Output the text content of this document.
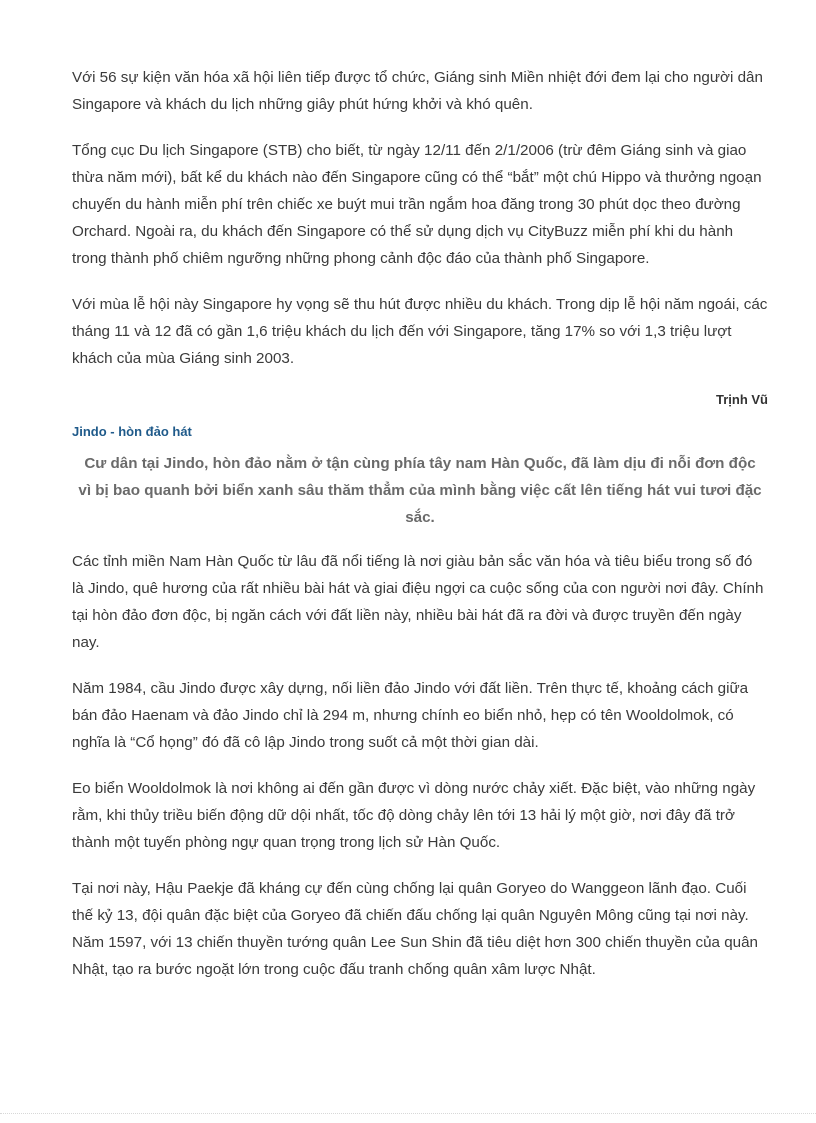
Với 56 sự kiện văn hóa xã hội liên tiếp được tổ chức, Giáng sinh Miền nhiệt đới đem lại cho người dân Singapore và khách du lịch những giây phút hứng khởi và khó quên.

Tổng cục Du lịch Singapore (STB) cho biết, từ ngày 12/11 đến 2/1/2006 (trừ đêm Giáng sinh và giao thừa năm mới), bất kể du khách nào đến Singapore cũng có thể “bắt” một chú Hippo và thưởng ngoạn chuyến du hành miễn phí trên chiếc xe buýt mui trần ngắm hoa đăng trong 30 phút dọc theo đường Orchard. Ngoài ra, du khách đến Singapore có thể sử dụng dịch vụ CityBuzz miễn phí khi du hành trong thành phố chiêm ngưỡng những phong cảnh độc đáo của thành phố Singapore.

Với mùa lễ hội này Singapore hy vọng sẽ thu hút được nhiều du khách. Trong dịp lễ hội năm ngoái, các tháng 11 và 12 đã có gần 1,6 triệu khách du lịch đến với Singapore, tăng 17% so với 1,3 triệu lượt khách của mùa Giáng sinh 2003.

Trịnh Vũ
Jindo - hòn đảo hát
Cư dân tại Jindo, hòn đảo nằm ở tận cùng phía tây nam Hàn Quốc, đã làm dịu đi nỗi đơn độc vì bị bao quanh bởi biển xanh sâu thăm thẳm của mình bằng việc cất lên tiếng hát vui tươi đặc sắc.

Các tỉnh miền Nam Hàn Quốc từ lâu đã nổi tiếng là nơi giàu bản sắc văn hóa và tiêu biểu trong số đó là Jindo, quê hương của rất nhiều bài hát và giai điệu ngợi ca cuộc sống của con người nơi đây. Chính tại hòn đảo đơn độc, bị ngăn cách với đất liền này, nhiều bài hát đã ra đời và được truyền đến ngày nay.

Năm 1984, cầu Jindo được xây dựng, nối liền đảo Jindo với đất liền. Trên thực tế, khoảng cách giữa bán đảo Haenam và đảo Jindo chỉ là 294 m, nhưng chính eo biển nhỏ, hẹp có tên Wooldolmok, có nghĩa là “Cổ họng” đó đã cô lập Jindo trong suốt cả một thời gian dài.

Eo biển Wooldolmok là nơi không ai đến gần được vì dòng nước chảy xiết. Đặc biệt, vào những ngày rằm, khi thủy triều biến động dữ dội nhất, tốc độ dòng chảy lên tới 13 hải lý một giờ, nơi đây đã trở thành một tuyến phòng ngự quan trọng trong lịch sử Hàn Quốc.

Tại nơi này, Hậu Paekje đã kháng cự đến cùng chống lại quân Goryeo do Wanggeon lãnh đạo. Cuối thế kỷ 13, đội quân đặc biệt của Goryeo đã chiến đấu chống lại quân Nguyên Mông cũng tại nơi này. Năm 1597, với 13 chiến thuyền tướng quân Lee Sun Shin đã tiêu diệt hơn 300 chiến thuyền của quân Nhật, tạo ra bước ngoặt lớn trong cuộc đấu tranh chống quân xâm lược Nhật.
